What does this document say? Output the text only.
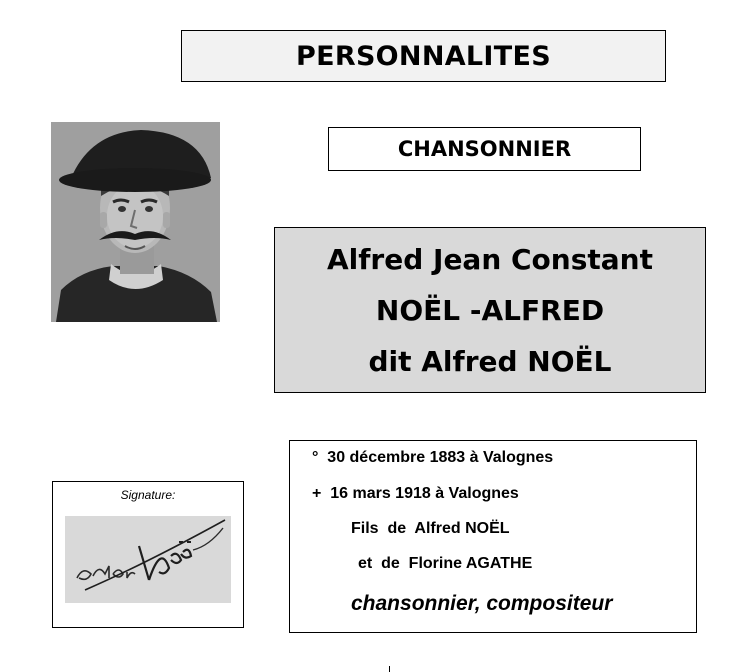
PERSONNALITES
CHANSONNIER
Alfred Jean Constant
NOËL -ALFRED
dit Alfred NOËL
Signature:
°  30 décembre 1883 à Valognes
+  16 mars 1918 à Valognes
Fils  de  Alfred NOËL
et  de  Florine AGATHE
chansonnier, compositeur
